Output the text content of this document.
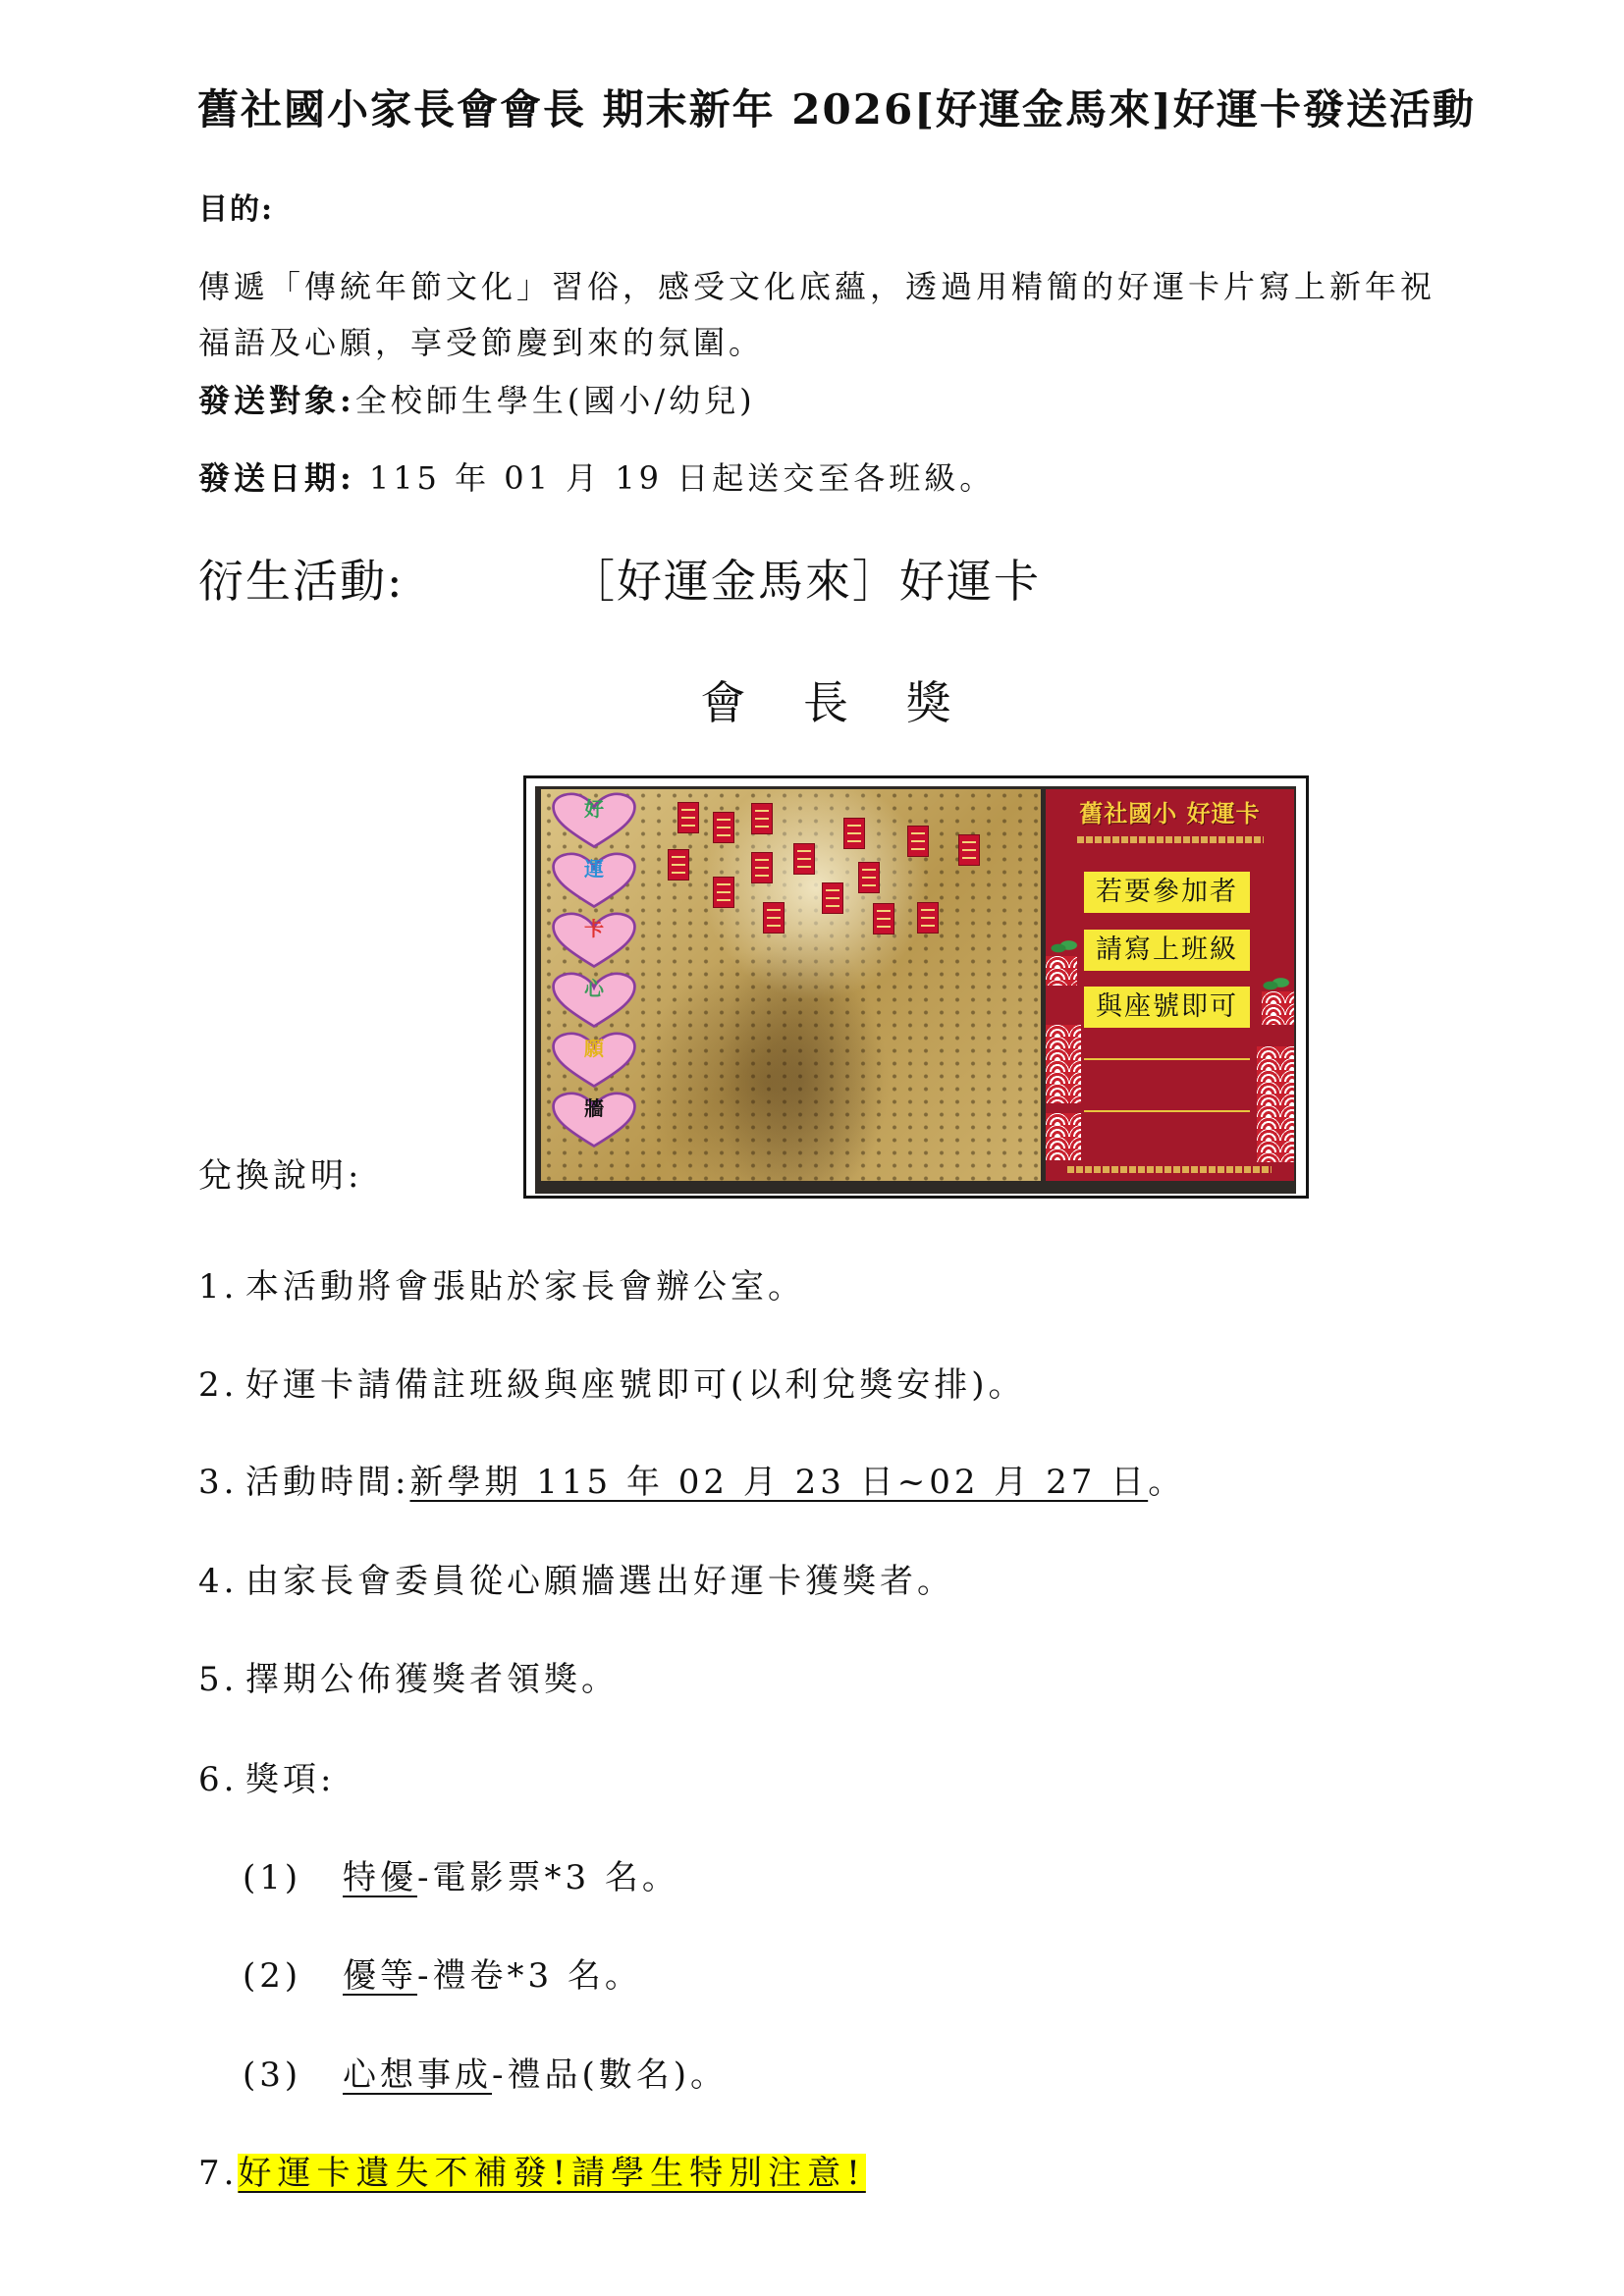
舊社國小家長會會長 期末新年 2026[好運金馬來]好運卡發送活動
目的:
傳遞「傳統年節文化」習俗，感受文化底蘊，透過用精簡的好運卡片寫上新年祝
福語及心願，享受節慶到來的氛圍。
發送對象:全校師生學生(國小/幼兒)
發送日期: 115 年 01 月 19 日起送交至各班級。
衍生活動:	［好運金馬來］好運卡
會 長 獎
好
運
卡
心
願
牆
舊社國小 好運卡
若要參加者
請寫上班級
與座號即可
兌換說明:
1. 本活動將會張貼於家長會辦公室。
2. 好運卡請備註班級與座號即可(以利兌獎安排)。
3. 活動時間:新學期 115 年 02 月 23 日~02 月 27 日。
4. 由家長會委員從心願牆選出好運卡獲獎者。
5. 擇期公佈獲獎者領獎。
6. 獎項:
(1) 特優-電影票*3 名。
(2) 優等-禮卷*3 名。
(3) 心想事成-禮品(數名)。
7.好運卡遺失不補發!請學生特別注意!
